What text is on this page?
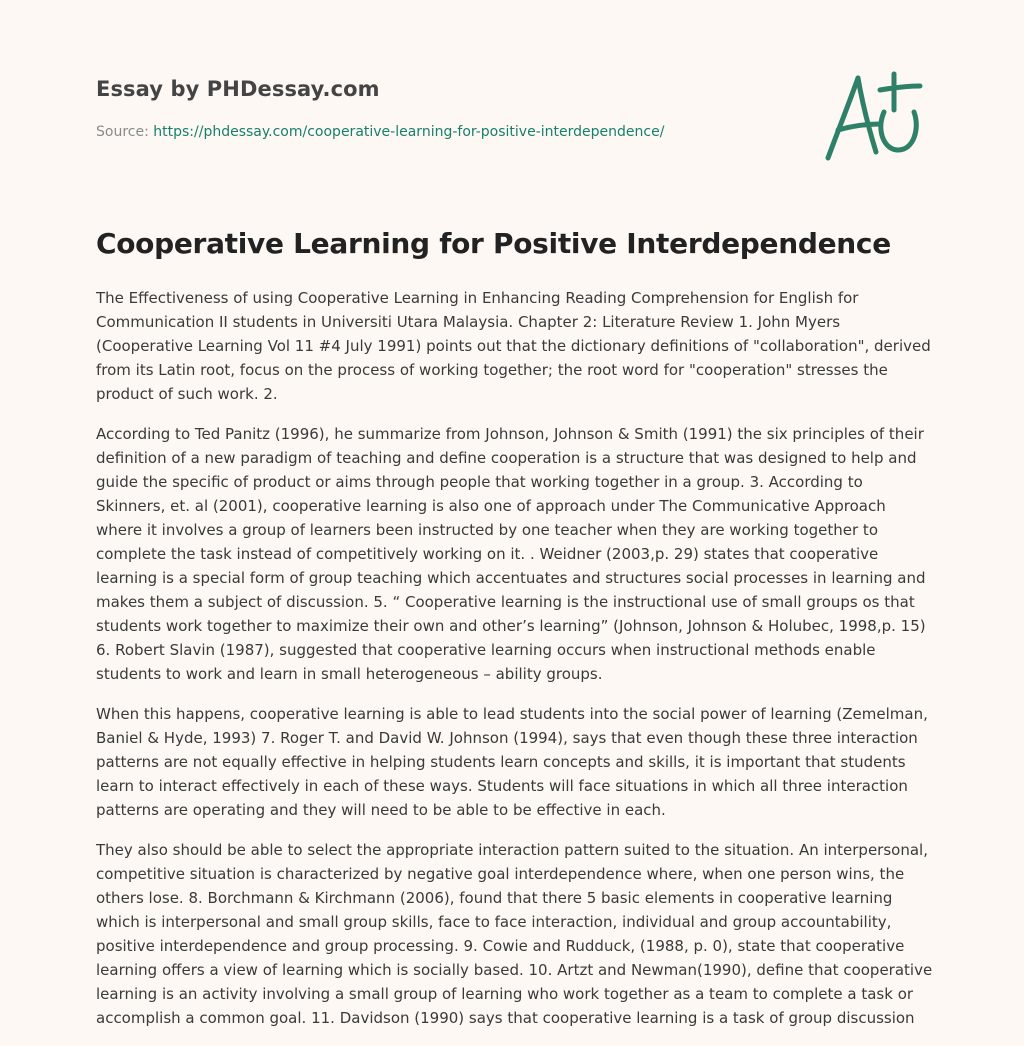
Essay by PHDessay.com

Source: https://phdessay.com/cooperative-learning-for-positive-interdependence/

Cooperative Learning for Positive Interdependence

The Effectiveness of using Cooperative Learning in Enhancing Reading Comprehension for English for Communication II students in Universiti Utara Malaysia. Chapter 2: Literature Review 1. John Myers (Cooperative Learning Vol 11 #4 July 1991) points out that the dictionary definitions of "collaboration", derived from its Latin root, focus on the process of working together; the root word for "cooperation" stresses the product of such work. 2.

According to Ted Panitz (1996), he summarize from Johnson, Johnson & Smith (1991) the six principles of their definition of a new paradigm of teaching and define cooperation is a structure that was designed to help and guide the specific of product or aims through people that working together in a group. 3. According to Skinners, et. al (2001), cooperative learning is also one of approach under The Communicative Approach where it involves a group of learners been instructed by one teacher when they are working together to complete the task instead of competitively working on it. . Weidner (2003,p. 29) states that cooperative learning is a special form of group teaching which accentuates and structures social processes in learning and makes them a subject of discussion. 5. “ Cooperative learning is the instructional use of small groups os that students work together to maximize their own and other’s learning” (Johnson, Johnson & Holubec, 1998,p. 15) 6. Robert Slavin (1987), suggested that cooperative learning occurs when instructional methods enable students to work and learn in small heterogeneous – ability groups.

When this happens, cooperative learning is able to lead students into the social power of learning (Zemelman, Baniel & Hyde, 1993) 7. Roger T. and David W. Johnson (1994), says that even though these three interaction patterns are not equally effective in helping students learn concepts and skills, it is important that students learn to interact effectively in each of these ways. Students will face situations in which all three interaction patterns are operating and they will need to be able to be effective in each.

They also should be able to select the appropriate interaction pattern suited to the situation. An interpersonal, competitive situation is characterized by negative goal interdependence where, when one person wins, the others lose. 8. Borchmann & Kirchmann (2006), found that there 5 basic elements in cooperative learning which is interpersonal and small group skills, face to face interaction, individual and group accountability, positive interdependence and group processing. 9. Cowie and Rudduck, (1988, p. 0), state that cooperative learning offers a view of learning which is socially based. 10. Artzt and Newman(1990), define that cooperative learning is an activity involving a small group of learning who work together as a team to complete a task or accomplish a common goal. 11. Davidson (1990) says that cooperative learning is a task of group discussion
